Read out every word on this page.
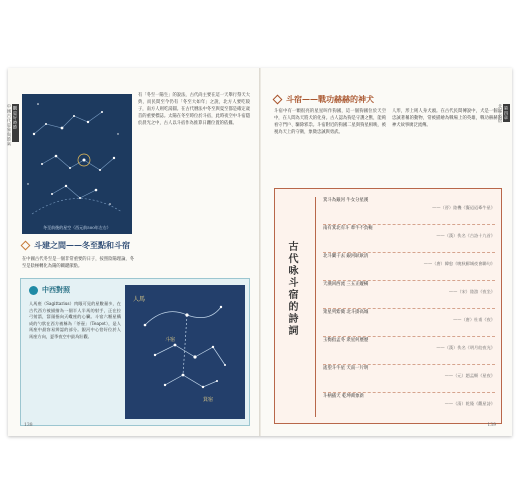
觀星好時節
中國古代星象與節氣
冬至前後的星空（西元前500年左右）
有「冬至一陽生」的說法，古代尚主要在這一天舉行祭天大典，而民間至今仍有「冬至大如年」之說，北方人要吃餃子，南方人則吃湯圓。在古代曆法中冬至與夏至都是確定歲首的重要標誌。太陽在冬至時位於斗宿，此時夜空中斗宿隱於晨光之中，古人以斗宿作為推算日躔位置的依據。
斗建之間——冬至點和斗宿
在中國古代冬至是一個非常重要的日子，按照陰陽理論，冬至是陰極轉化為陽的關鍵節點。
中西對照
人馬座（Sagittarius）肉眼可見的星數量多，在古代西方被描繪為一個半人半馬的射手，正在拉弓射箭，箭頭指向天蠍座的心臟。斗宿六顆星構成的勺狀在西方被稱為「茶壺」（Teapot），是人馬座中最容易辨認的部分。銀河中心恰好位於人馬座方向，夏季夜空中最為壯觀。
人馬
斗宿
箕宿
138
第四章
北方七宿
斗宿——戰功赫赫的神犬
斗宿中有一顆很亮的星星叫作狗國，這一個狗國位於天空中，在人間為天將犬的化身。古人認為狗是守護之獸，能夠看守門戶、驅除邪祟。斗宿附近的狗國二星與狗星相映，被視為天上的守衛，象徵忠誠與勇武。
人形，形上則人身犬頭。在古代民間傳說中，犬是一個以忠誠著稱的動物，常被描繪為戰場上的英雄，戰功赫赫的神犬故事廣泛流傳。
古代咏斗宿的詩詞
箕斗為銀河 牛女分星漢
——（晉）陸機《擬迢迢牽牛星》
南有箕北有斗 牽牛不負軛
——（漢）佚名《古詩十九首》
北斗闌干去 銀河耿耿清
——（唐）韓愈《晚秋郾城夜會聯句》
天漢回西流 三五正縱橫
——（宋）陸游《夜坐》
衆星列紫微 北斗掛高城
——（唐）杜甫《夜》
玉衡指孟冬 衆星何歷歷
——（漢）佚名《明月皎夜光》
遙望斗牛星 天南一片明
——（元）趙孟頫《星夜》
斗柄插天 乾坤萬象新
——（清）乾隆《觀星詩》
139
